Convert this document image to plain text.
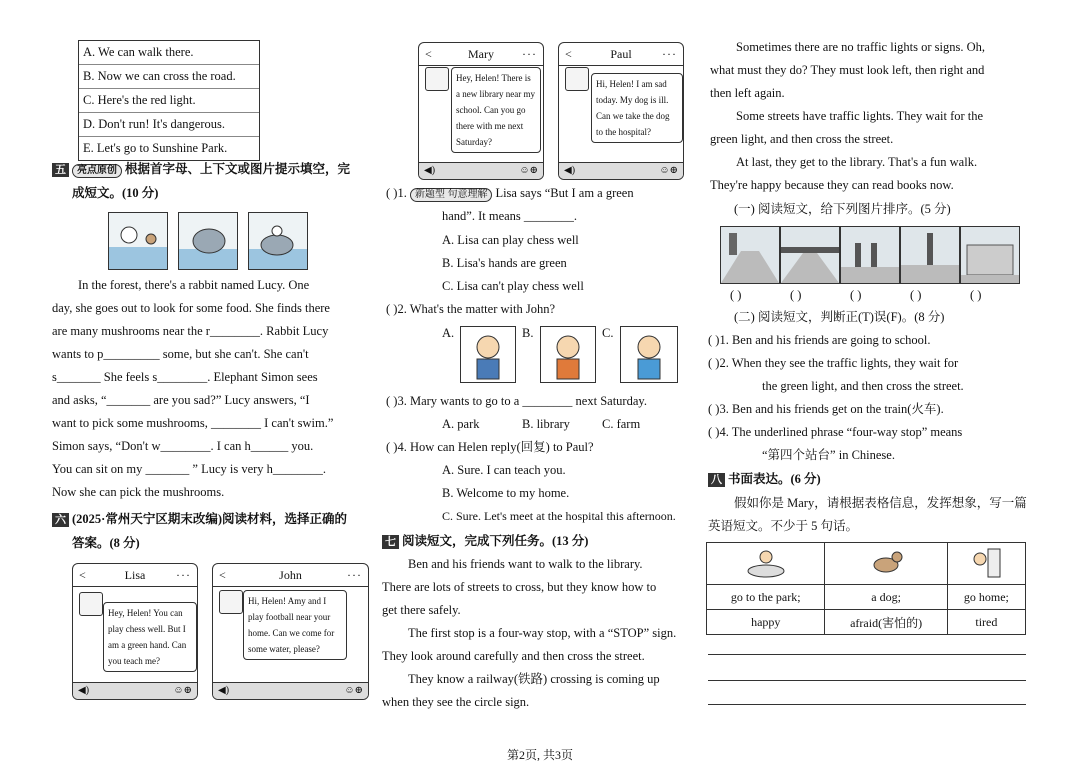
A. We can walk there.
B. Now we can cross the road.
C. Here's the red light.
D. Don't run! It's dangerous.
E. Let's go to Sunshine Park.
五 亮点原创 根据首字母、上下文或图片提示填空，完
成短文。(10 分)
In the forest, there's a rabbit named Lucy. One
day, she goes out to look for some food. She finds there
are many mushrooms near the r________. Rabbit Lucy
wants to p_________ some, but she can't. She can't
s_______ She feels s________. Elephant Simon sees
and asks, “_______ are you sad?” Lucy answers, “I
want to pick some mushrooms, ________ I can't swim.”
Simon says, “Don't w________. I can h______ you.
You can sit on my _______ ” Lucy is very h________.
Now she can pick the mushrooms.
六 (2025·常州天宁区期末改编)阅读材料，选择正确的
答案。(8 分)
<	Lisa	···
Hey, Helen! You can play chess well. But I am a green hand. Can you teach me?
◀)	☺⊕
<	John	···
Hi, Helen! Amy and I play football near your home. Can we come for some water, please?
◀)	☺⊕
<	Mary ···
Hey, Helen! There is a new library near my school. Can you go there with me next Saturday?
◀)	☺⊕
<	Paul	···
Hi, Helen! I am sad today. My dog is ill. Can we take the dog to the hospital?
◀)	☺⊕
( )1. 新题型 句意理解 Lisa says “But I am a green
hand”. It means ________.
A. Lisa can play chess well
B. Lisa's hands are green
C. Lisa can't play chess well
( )2. What's the matter with John?
A.	B.	C.
( )3. Mary wants to go to a ________ next Saturday.
A. park	B. library	C. farm
( )4. How can Helen reply(回复) to Paul?
A. Sure. I can teach you.
B. Welcome to my home.
C. Sure. Let's meet at the hospital this afternoon.
七 阅读短文，完成下列任务。(13 分)
Ben and his friends want to walk to the library.
There are lots of streets to cross, but they know how to
get there safely.
The first stop is a four-way stop, with a “STOP” sign.
They look around carefully and then cross the street.
They know a railway(铁路) crossing is coming up
when they see the circle sign.
Sometimes there are no traffic lights or signs. Oh,
what must they do? They must look left, then right and
then left again.
Some streets have traffic lights. They wait for the
green light, and then cross the street.
At last, they get to the library. That's a fun walk.
They're happy because they can read books now.
(一) 阅读短文，给下列图片排序。(5 分)
( )	( )	( )	( )	( )
(二) 阅读短文，判断正(T)误(F)。(8 分)
( )1. Ben and his friends are going to school.
( )2. When they see the traffic lights, they wait for
the green light, and then cross the street.
( )3. Ben and his friends get on the train(火车).
( )4. The underlined phrase “four-way stop” means
“第四个站台” in Chinese.
八 书面表达。(6 分)
假如你是 Mary，请根据表格信息，发挥想象，写一篇
英语短文。不少于 5 句话。

go to the park;	a dog;	go home;
happy	afraid(害怕的)	tired
第2页, 共3页
